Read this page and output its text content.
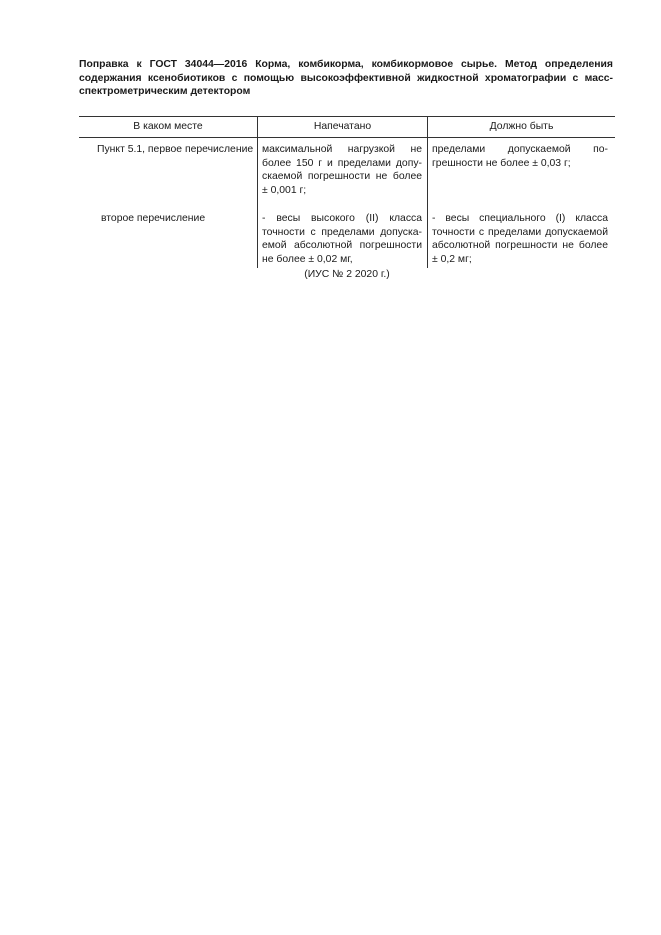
Поправка к ГОСТ 34044—2016 Корма, комбикорма, комбикормовое сырье. Метод определения содержания ксенобиотиков с помощью высокоэффективной жидкостной хроматографии с масс-спектрометрическим детектором
В каком месте	Напечатано	Должно быть

Пункт 5.1, первое перечисление	максимальной нагрузкой не более 150 г и пределами допускаемой погрешности не более ± 0,001 г;	пределами допускаемой погрешности не более ± 0,03 г;

второе перечисление	- весы высокого (II) класса точности с пределами допускаемой абсолютной погрешности не более ± 0,02 мг,	- весы специального (I) класса точности с пределами допускаемой абсолютной погрешности не более ± 0,2 мг;
(ИУС № 2 2020 г.)
